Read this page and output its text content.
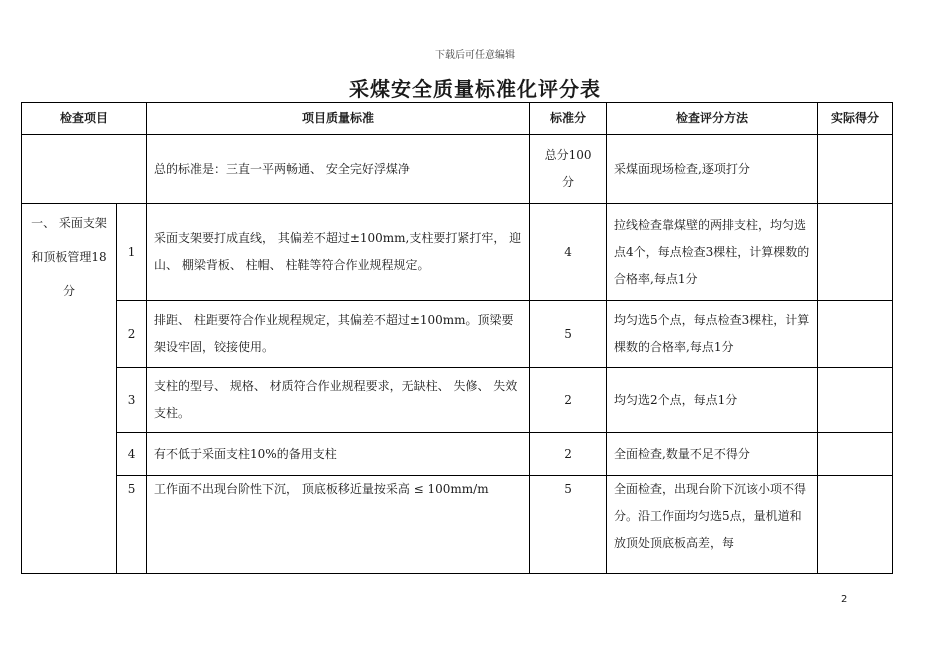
下载后可任意编辑
采煤安全质量标准化评分表
检查项目		项目质量标准	标准分	检查评分方法	实际得分
		总的标准是：三直一平两畅通、 安全完好浮煤净	总分100分	采煤面现场检查,逐项打分	
一、 采面支架和顶板管理18分	1	采面支架要打成直线， 其偏差不超过±100mm,支柱要打紧打牢， 迎山、 棚梁背板、 柱帽、 柱鞋等符合作业规程规定。	4	拉线检查靠煤壁的两排支柱，均匀选点4个，每点检查3棵柱，计算棵数的合格率,每点1分	
	2	排距、 柱距要符合作业规程规定，其偏差不超过±100mm。顶梁要架设牢固，铰接使用。	5	均匀选5个点，每点检查3棵柱，计算棵数的合格率,每点1分	
	3	支柱的型号、 规格、 材质符合作业规程要求，无缺柱、 失修、 失效支柱。	2	均匀选2个点，每点1分	
	4	有不低于采面支柱10%的备用支柱	2	全面检查,数量不足不得分	
	5	工作面不出现台阶性下沉， 顶底板移近量按采高 ≤ 100mm/m	5	全面检查，出现台阶下沉该小项不得分。沿工作面均匀选5点，量机道和放顶处顶底板高差，每	
2
